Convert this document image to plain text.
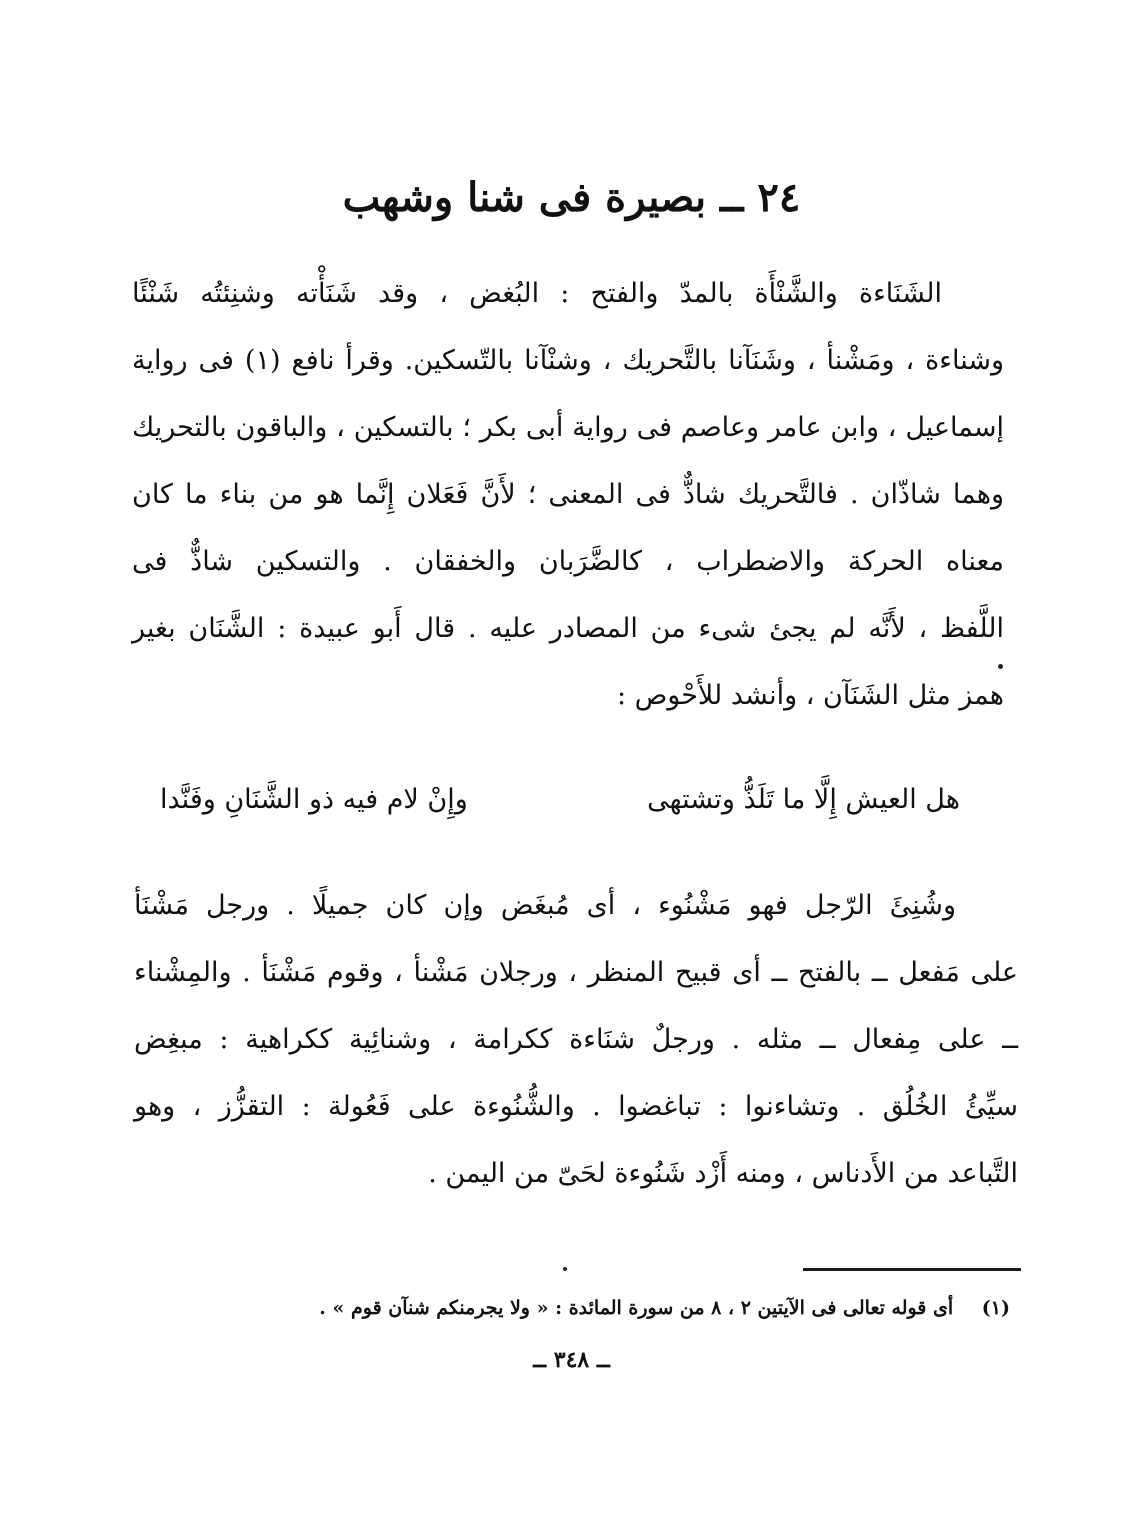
٢٤ ــ بصيرة فى شنا وشهب
الشَنَاءة والشَّنْأَة بالمدّ والفتح : البُغض ، وقد شَنَأْته وشنِئتُه شَنْئًا
وشناءة ، ومَشْنأ ، وشَنَآنا بالتَّحريك ، وشنْآنا بالتّسكين. وقرأ نافع (١) فى رواية
إسماعيل ، وابن عامر وعاصم فى رواية أبى بكر ؛ بالتسكين ، والباقون بالتحريك
وهما شاذّان . فالتَّحريك شاذٌّ فى المعنى ؛ لأَنَّ فَعَلان إِنَّما هو من بناء ما كان
معناه الحركة والاضطراب ، كالضَّرَبان والخفقان . والتسكين شاذٌّ فى
اللَّفظ ، لأَنَّه لم يجئ شىء من المصادر عليه . قال أَبو عبيدة : الشَّنَان بغير
همز مثل الشَنَآن ، وأنشد للأَحْوص :
هل العيش إِلَّا ما تَلَذُّ وتشتهى
وإِنْ لام فيه ذو الشَّنَانِ وفَنَّدا
وشُنِئَ الرّجل فهو مَشْنُوء ، أى مُبغَض وإن كان جميلًا . ورجل مَشْنَأ
على مَفعل ــ بالفتح ــ أى قبيح المنظر ، ورجلان مَشْنأ ، وقوم مَشْنَأ . والمِشْناء
ــ على مِفعال ــ مثله . ورجلٌ شنَاءة ككرامة ، وشنائِية ككراهية : مبغِض
سيِّئُ الخُلُق . وتشاءنوا : تباغضوا . والشُّنُوءة على فَعُولة : التقزُّز ، وهو
التَّباعد من الأَدناس ، ومنه أَزْد شَنُوءة لحَىّ من اليمن .
(١) أى قوله تعالى فى الآيتين ٢ ، ٨ من سورة المائدة : « ولا يجرمنكم شنآن قوم » .
ــ ٣٤٨ ــ
